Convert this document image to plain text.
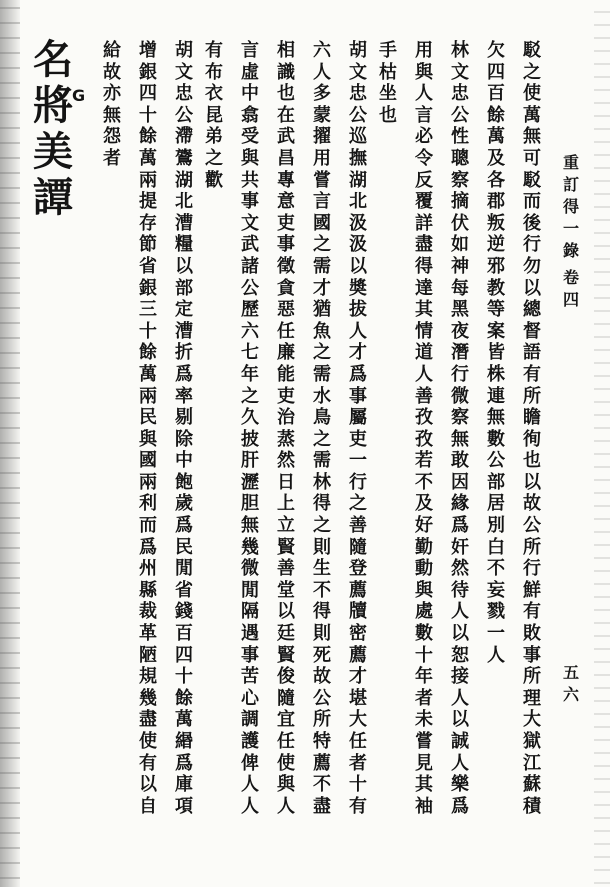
重
訂
得
一
錄
卷
四
五
六
名
將
美
譚
G
駁
之
使
萬
無
可
駁
而
後
行
勿
以
總
督
語
有
所
瞻
徇
也
以
故
公
所
行
鮮
有
敗
事
所
理
大
獄
江
蘇
積
欠
四
百
餘
萬
及
各
郡
叛
逆
邪
教
等
案
皆
株
連
無
數
公
部
居
別
白
不
妄
戮
一
人
林
文
忠
公
性
聰
察
摘
伏
如
神
每
黑
夜
潛
行
微
察
無
敢
因
緣
爲
奸
然
待
人
以
恕
接
人
以
誠
人
樂
爲
用
與
人
言
必
令
反
覆
詳
盡
得
達
其
情
道
人
善
孜
孜
若
不
及
好
勤
動
與
處
數
十
年
者
未
嘗
見
其
袖
手
枯
坐
也
胡
文
忠
公
巡
撫
湖
北
汲
汲
以
奬
拔
人
才
爲
事
屬
吏
一
行
之
善
隨
登
薦
牘
密
薦
才
堪
大
任
者
十
有
六
人
多
蒙
擢
用
嘗
言
國
之
需
才
猶
魚
之
需
水
鳥
之
需
林
得
之
則
生
不
得
則
死
故
公
所
特
薦
不
盡
相
識
也
在
武
昌
專
意
吏
事
徵
貪
惡
任
廉
能
吏
治
蒸
然
日
上
立
賢
善
堂
以
廷
賢
俊
隨
宜
任
使
與
人
言
虛
中
翕
受
與
共
事
文
武
諸
公
歷
六
七
年
之
久
披
肝
瀝
胆
無
幾
微
閒
隔
遇
事
苦
心
調
護
俾
人
人
有
布
衣
昆
弟
之
歡
胡
文
忠
公
滯
鷟
湖
北
漕
糧
以
部
定
漕
折
爲
率
剔
除
中
飽
歲
爲
民
閒
省
錢
百
四
十
餘
萬
緡
爲
庫
項
增
銀
四
十
餘
萬
兩
提
存
節
省
銀
三
十
餘
萬
兩
民
與
國
兩
利
而
爲
州
縣
裁
革
陋
規
幾
盡
使
有
以
自
給
故
亦
無
怨
者
